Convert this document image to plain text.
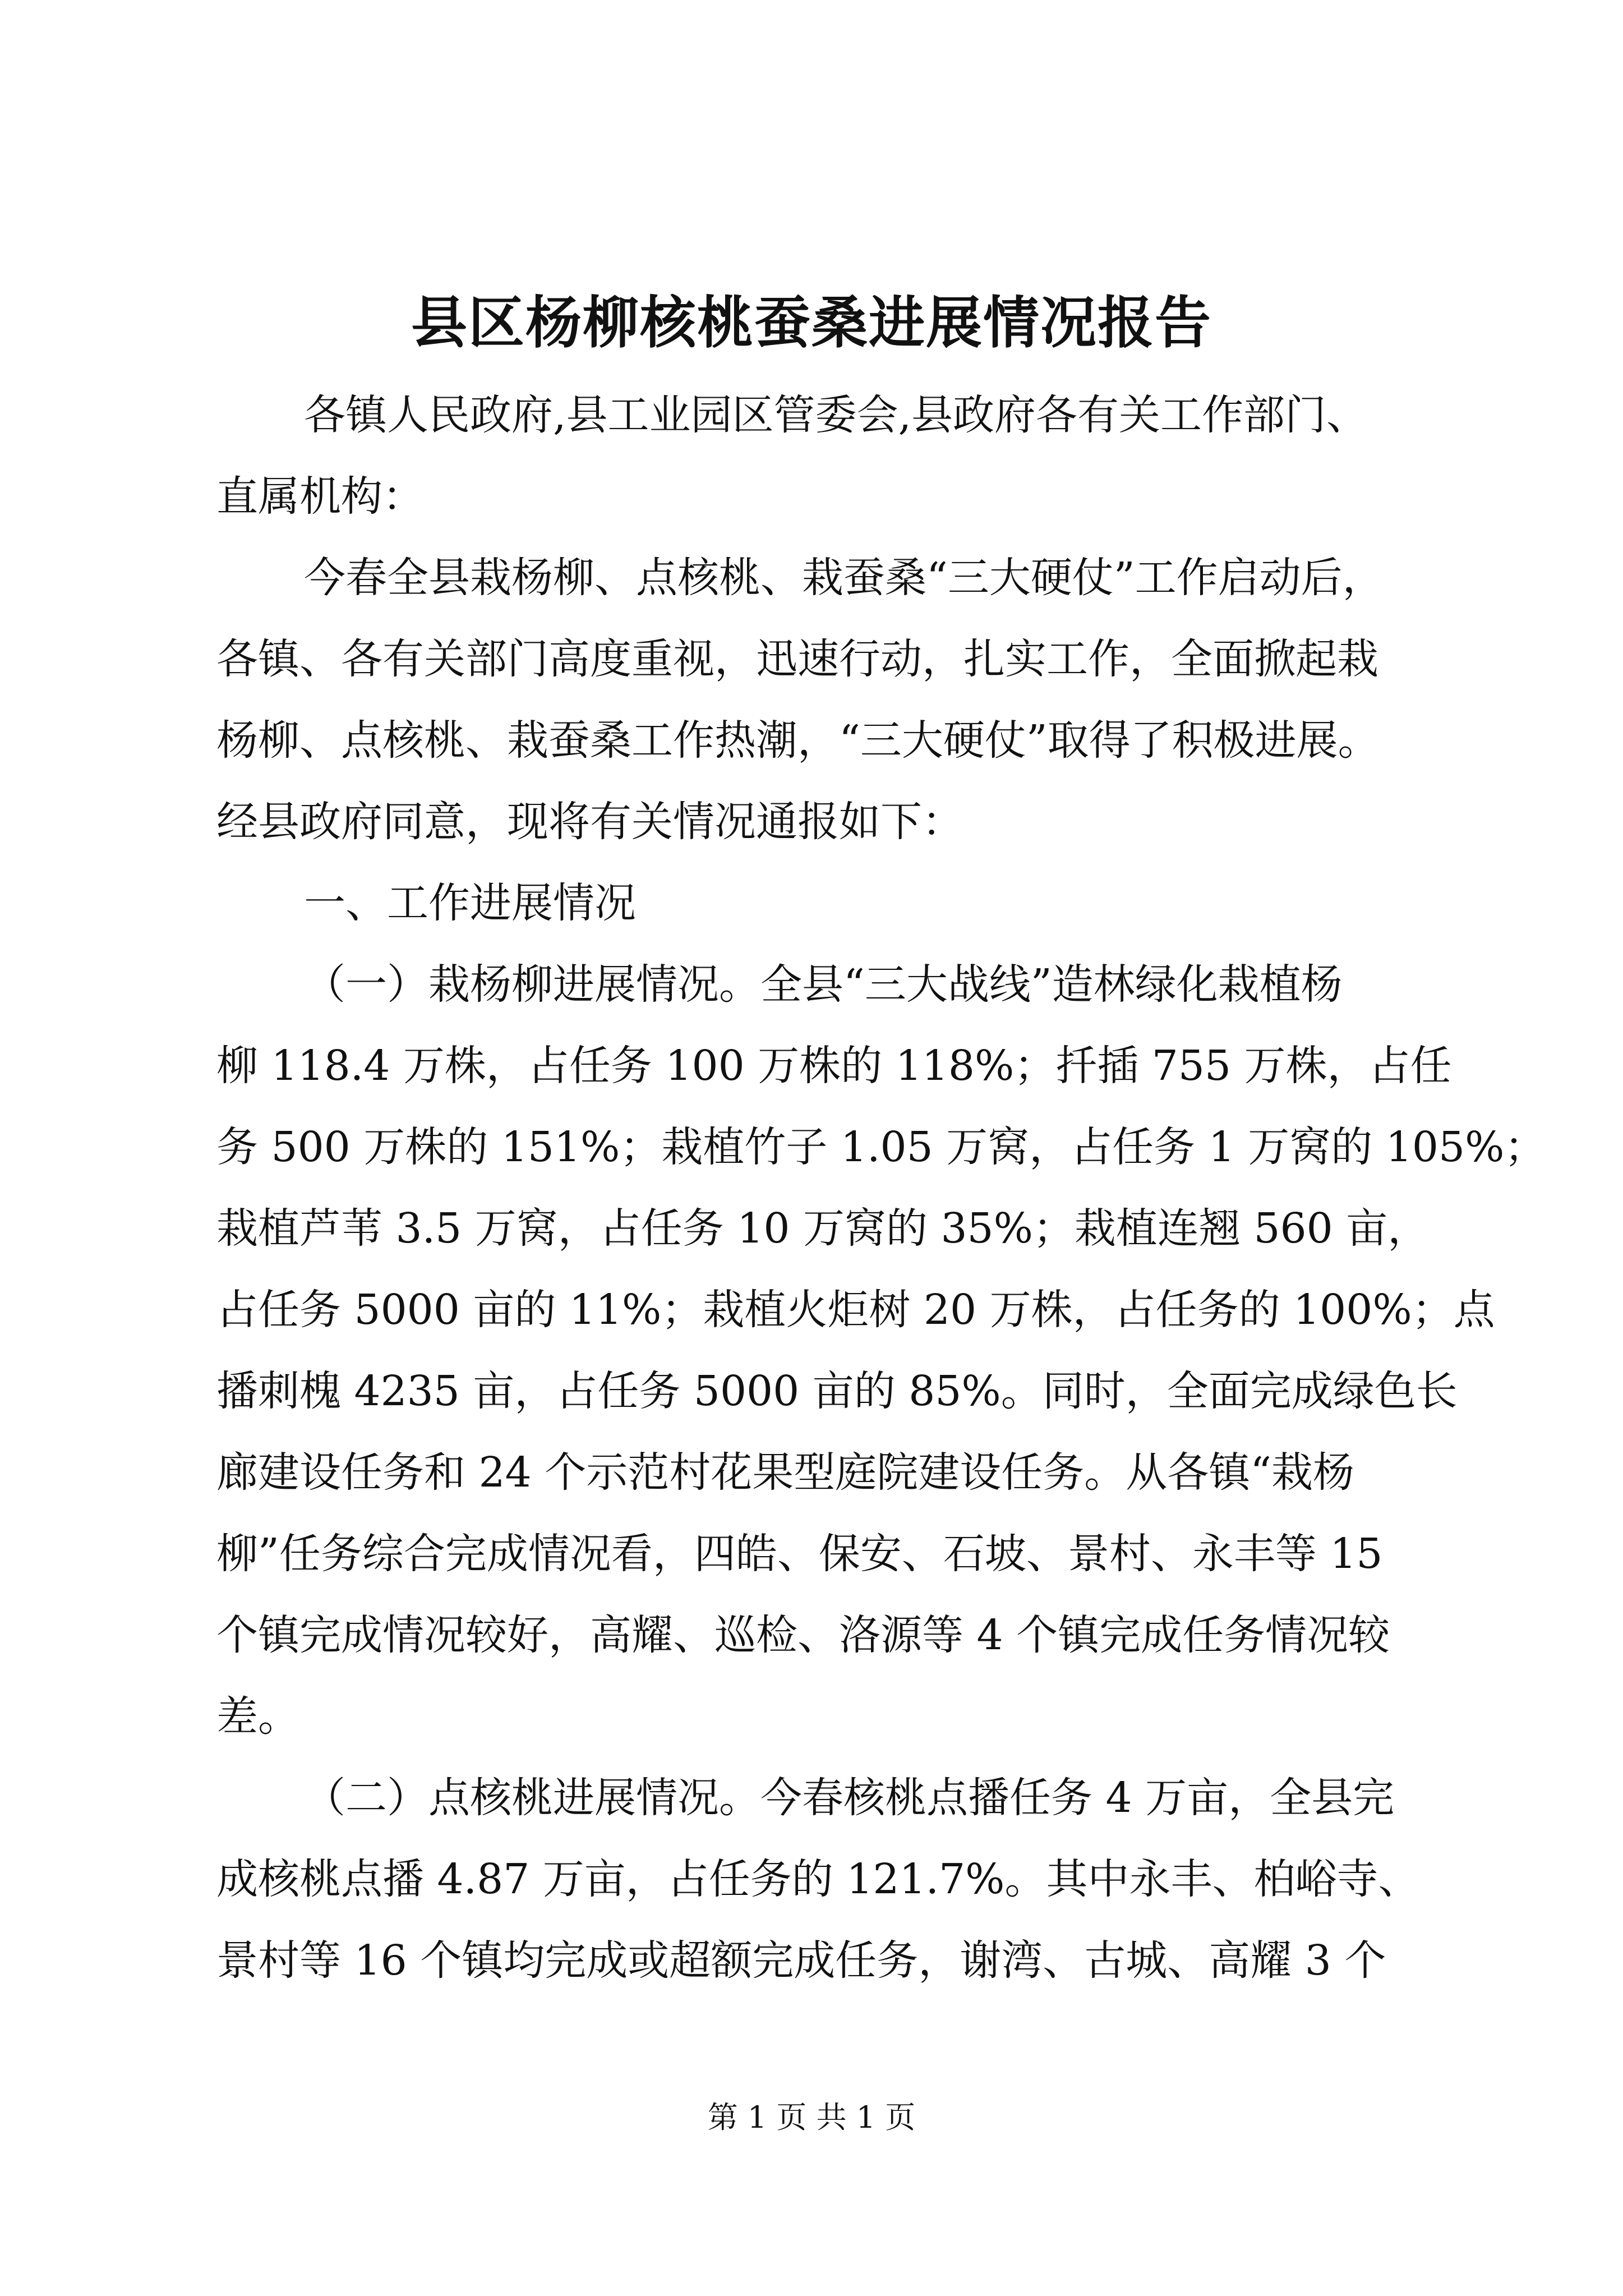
县区杨柳核桃蚕桑进展情况报告

各镇人民政府,县工业园区管委会,县政府各有关工作部门、

直属机构：

今春全县栽杨柳、点核桃、栽蚕桑“三大硬仗”工作启动后，

各镇、各有关部门高度重视，迅速行动，扎实工作，全面掀起栽

杨柳、点核桃、栽蚕桑工作热潮，“三大硬仗”取得了积极进展。

经县政府同意，现将有关情况通报如下：

一、工作进展情况

（一）栽杨柳进展情况。全县“三大战线”造林绿化栽植杨

柳 118.4 万株，占任务 100 万株的 118%；扦插 755 万株，占任

务 500 万株的 151%；栽植竹子 1.05 万窝，占任务 1 万窝的 105%；

栽植芦苇 3.5 万窝，占任务 10 万窝的 35%；栽植连翘 560 亩，

占任务 5000 亩的 11%；栽植火炬树 20 万株，占任务的 100%；点

播刺槐 4235 亩，占任务 5000 亩的 85%。同时，全面完成绿色长

廊建设任务和 24 个示范村花果型庭院建设任务。从各镇“栽杨

柳”任务综合完成情况看，四皓、保安、石坡、景村、永丰等 15

个镇完成情况较好，高耀、巡检、洛源等 4 个镇完成任务情况较

差。

（二）点核桃进展情况。今春核桃点播任务 4 万亩，全县完

成核桃点播 4.87 万亩，占任务的 121.7%。其中永丰、柏峪寺、

景村等 16 个镇均完成或超额完成任务，谢湾、古城、高耀 3 个

第 1 页 共 1 页
